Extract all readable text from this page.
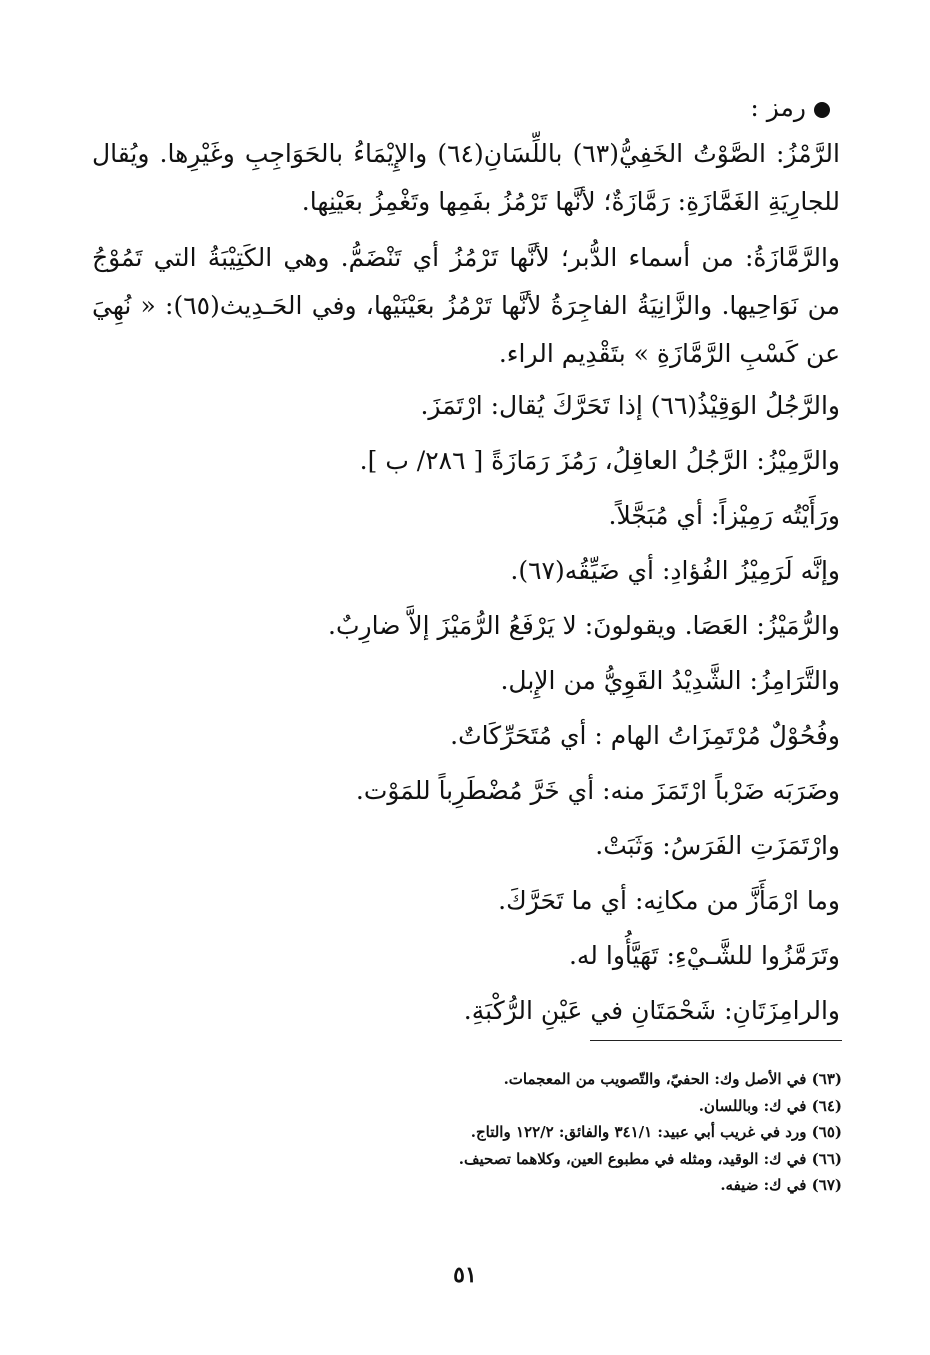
رمز :

الرَّمْزُ: الصَّوْتُ الخَفِيُّ(٦٣) باللِّسَانِ(٦٤) والإِيْمَاءُ بالحَوَاجِبِ وغَيْرِها. ويُقال للجارِيَةِ الغَمَّازَةِ: رَمَّازَةٌ؛ لأنَّها تَرْمُزُ بفَمِها وتَغْمِزُ بعَيْنِها.

والرَّمَّازَةُ: من أسماء الدُّبر؛ لأنَّها تَرْمُزُ أي تَنْضَمُّ. وهي الكَتِيْبَةُ التي تَمُوْجُ من نَوَاحِيها. والزَّانِيَةُ الفاجِرَةُ لأنَّها تَرْمُزُ بعَيْنَيْها، وفي الحَـدِيث(٦٥): « نُهِيَ عن كَسْبِ الرَّمَّازَةِ » بتَقْدِيم الراء.

والرَّجُلُ الوَقِيْذُ(٦٦) إذا تَحَرَّكَ يُقال: ارْتَمَزَ.
والرَّمِيْزُ: الرَّجُلُ العاقِلُ، رَمُزَ رَمَازَةً [ ٢٨٦/ ب ].
ورَأَيْتُه رَمِيْزاً: أي مُبَجَّلاً.
وإنَّه لَرَمِيْزُ الفُؤادِ: أي ضَيِّقُه(٦٧).
والرُّمَيْزُ: العَصَا. ويقولونَ: لا يَرْفَعُ الرُّمَيْزَ إلاَّ ضارِبٌ.
والتَّرَامِزُ: الشَّدِيْدُ القَوِيُّ من الإِبل.
وفُحُوْلٌ مُرْتَمِزَاتُ الهام : أي مُتَحَرِّكَاتٌ.
وضَرَبَه ضَرْباً ارْتَمَزَ منه: أي خَرَّ مُضْطَرِباً للمَوْت.
وارْتَمَزَتِ الفَرَسُ: وَثَبَتْ.
وما ارْمَأَزَّ من مكانِه: أي ما تَحَرَّكَ.
وتَرَمَّزُوا للشَّـيْءِ: تَهَيَّأُوا له.
والرامِزَتَانِ: شَحْمَتَانِ في عَيْنِ الرُّكْبَةِ.
(٦٣) في الأصل وك: الحفيّ، والتّصويب من المعجمات.
(٦٤) في ك: وباللسان.
(٦٥) ورد في غريب أبي عبيد: ٣٤١/١ والفائق: ١٢٢/٢ والتاج.
(٦٦) في ك: الوقيد، ومثله في مطبوع العين، وكلاهما تصحيف.
(٦٧) في ك: ضيفه.
٥١
